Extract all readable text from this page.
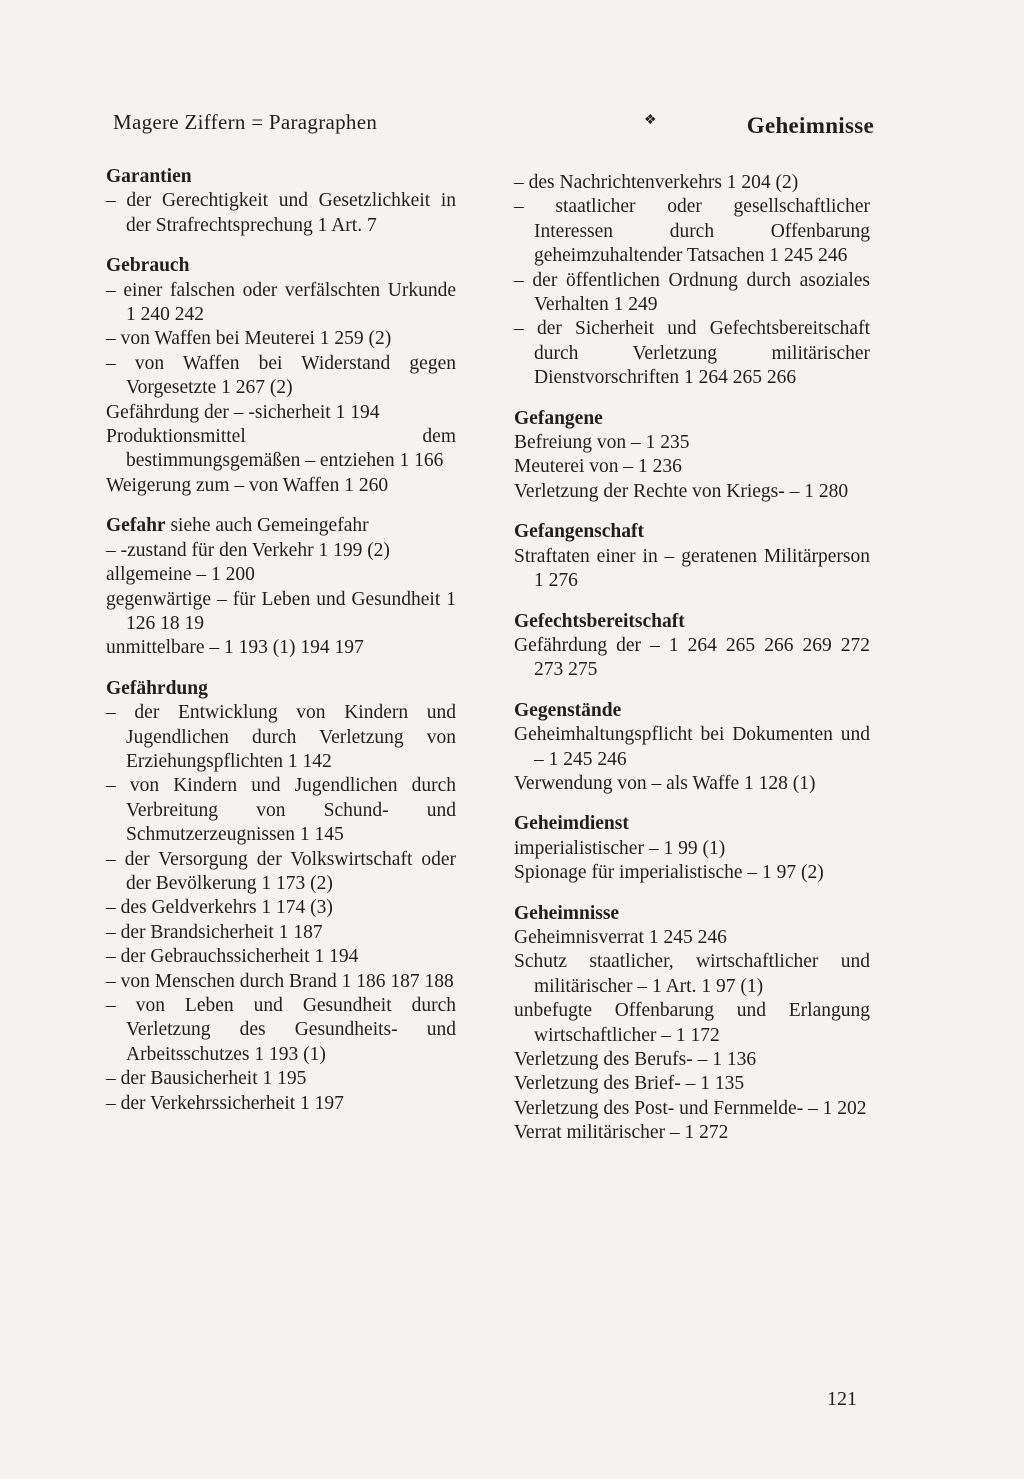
Magere Ziffern = Paragraphen	❖	Geheimnisse
Garantien
– der Gerechtigkeit und Gesetzlichkeit in der Strafrechtsprechung 1 Art. 7
Gebrauch
– einer falschen oder verfälschten Urkunde 1 240 242
– von Waffen bei Meuterei 1 259 (2)
– von Waffen bei Widerstand gegen Vorgesetzte 1 267 (2)
Gefährdung der – -sicherheit 1 194
Produktionsmittel dem bestimmungsgemäßen – entziehen 1 166
Weigerung zum – von Waffen 1 260
Gefahr siehe auch Gemeingefahr
– -zustand für den Verkehr 1 199 (2)
allgemeine – 1 200
gegenwärtige – für Leben und Gesundheit 1 126 18 19
unmittelbare – 1 193 (1) 194 197
Gefährdung
– der Entwicklung von Kindern und Jugendlichen durch Verletzung von Erziehungspflichten 1 142
– von Kindern und Jugendlichen durch Verbreitung von Schund- und Schmutzerzeugnissen 1 145
– der Versorgung der Volkswirtschaft oder der Bevölkerung 1 173 (2)
– des Geldverkehrs 1 174 (3)
– der Brandsicherheit 1 187
– der Gebrauchssicherheit 1 194
– von Menschen durch Brand 1 186 187 188
– von Leben und Gesundheit durch Verletzung des Gesundheits- und Arbeitsschutzes 1 193 (1)
– der Bausicherheit 1 195
– der Verkehrssicherheit 1 197
– des Nachrichtenverkehrs 1 204 (2)
– staatlicher oder gesellschaftlicher Interessen durch Offenbarung geheimzuhaltender Tatsachen 1 245 246
– der öffentlichen Ordnung durch asoziales Verhalten 1 249
– der Sicherheit und Gefechtsbereitschaft durch Verletzung militärischer Dienstvorschriften 1 264 265 266
Gefangene
Befreiung von – 1 235
Meuterei von – 1 236
Verletzung der Rechte von Kriegs- – 1 280
Gefangenschaft
Straftaten einer in – geratenen Militärperson 1 276
Gefechtsbereitschaft
Gefährdung der – 1 264 265 266 269 272 273 275
Gegenstände
Geheimhaltungspflicht bei Dokumenten und – 1 245 246
Verwendung von – als Waffe 1 128 (1)
Geheimdienst
imperialistischer – 1 99 (1)
Spionage für imperialistische – 1 97 (2)
Geheimnisse
Geheimnisverrat 1 245 246
Schutz staatlicher, wirtschaftlicher und militärischer – 1 Art. 1 97 (1)
unbefugte Offenbarung und Erlangung wirtschaftlicher – 1 172
Verletzung des Berufs- – 1 136
Verletzung des Brief- – 1 135
Verletzung des Post- und Fernmelde- – 1 202
Verrat militärischer – 1 272
121
